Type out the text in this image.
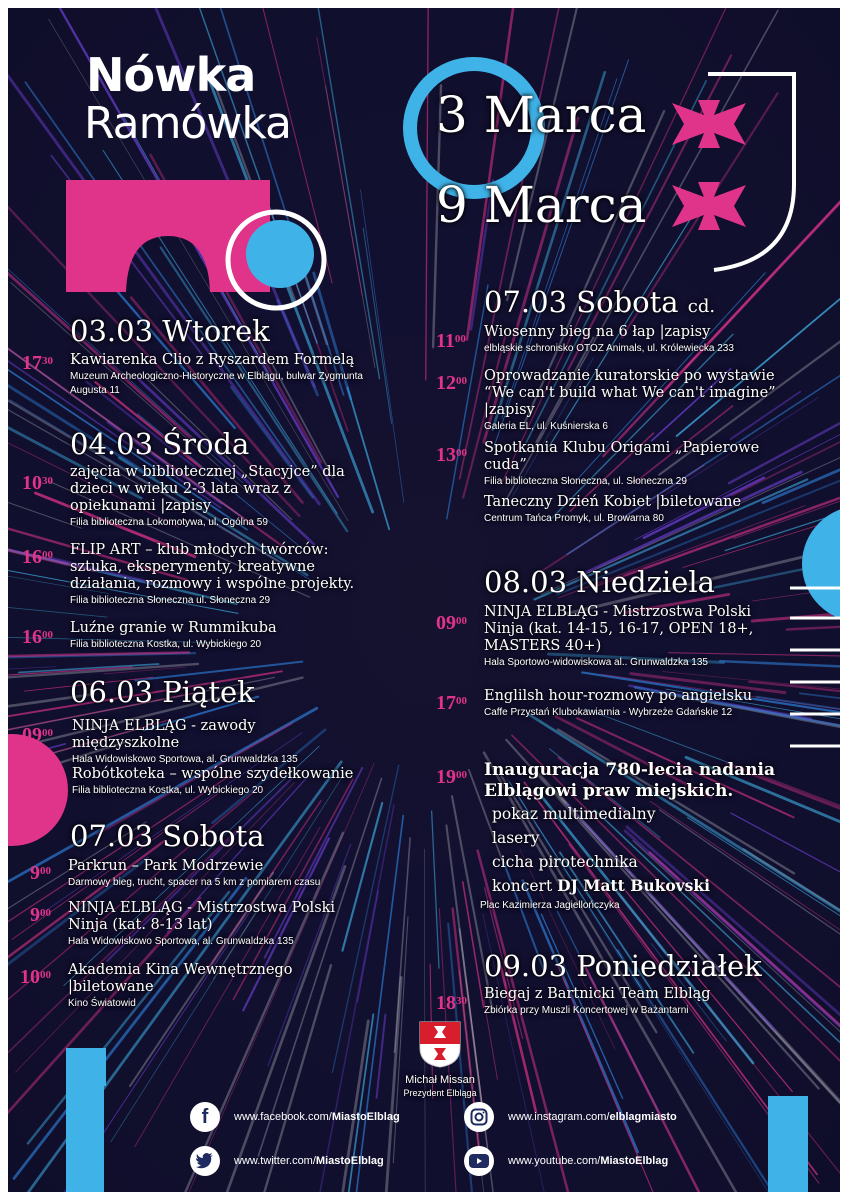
Nówka
Ramówka	3 Marca
9 Marca
03.03 Wtorek
$17^{30}$ Kawiarenka Clio z Ryszardem Formelą
Muzeum Archeologiczno-Historyczne w Elblągu, bulwar Zygmunta Augusta 11
04.03 Środa
$10^{30}$
zajęcia w bibliotecznej „Stacyjce” dla dzieci w wieku 2-3 lata wraz z opiekunami |zapisy
Filia biblioteczna Lokomotywa, ul. Ogólna 59
$16^{00}$ FLIP ART – klub młodych twórców: sztuka, eksperymenty, kreatywne działania, rozmowy i wspólne projekty.
Filia biblioteczna Słoneczna ul. Słoneczna 29
$16^{00}$ Luźne granie w Rummikuba
Filia biblioteczna Kostka, ul. Wybickiego 20
06.03 Piątek
$09^{00}$ NINJA ELBLĄG - zawody międzyszkolne
Hala Widowiskowo Sportowa, al. Grunwaldzka 135
$17^{00}$ Robótkoteka – wspólne szydełkowanie
Filia biblioteczna Kostka, ul. Wybickiego 20
07.03 Sobota
$9^{00}$ Parkrun – Park Modrzewie
Darmowy bieg, trucht, spacer na 5 km z pomiarem czasu
$9^{00}$ NINJA ELBLĄG - Mistrzostwa Polski Ninja (kat. 8-13 lat)
Hala Widowiskowo Sportowa, al. Grunwaldzka 135
$10^{00}$ Akademia Kina Wewnętrznego |biletowane
Kino Światowid
07.03 Sobota cd.
$11^{00}$ Wiosenny bieg na 6 łap |zapisy
elbląskie schronisko OTOZ Animals, ul. Królewiecka 233
$12^{00}$ Oprowadzanie kuratorskie po wystawie “We can't build what We can't imagine” |zapisy
Galeria EL, ul. Kuśnierska 6
$13^{00}$ Spotkania Klubu Origami „Papierowe cuda”
Filia biblioteczna Słoneczna, ul. Słoneczna 29
Taneczny Dzień Kobiet |biletowane
Centrum Tańca Promyk, ul. Browarna 80
08.03 Niedziela
$09^{00}$
NINJA ELBLĄG - Mistrzostwa Polski Ninja (kat. 14-15, 16-17, OPEN 18+, MASTERS 40+)
Hala Sportowo-widowiskowa al.. Grunwaldzka 135
$17^{00}$ Englilsh hour-rozmowy po angielsku
Caffe Przystań Klubokawiarnia - Wybrzeże Gdańskie 12
$19^{00}$ Inauguracja 780-lecia nadania Elblągowi praw miejskich.
pokaz multimedialny
lasery
cicha pirotechnika
koncert DJ Matt Bukovski
Plac Kazimierza Jagiellończyka
09.03 Poniedziałek
$18^{30}$ Biegaj z Bartnicki Team Elbląg
Zbiórka przy Muszli Koncertowej w Bażantarni
Michał Missan
Prezydent Elbląga
f www.facebook.com/MiastoElblag
www.twitter.com/MiastoElblag
www.instagram.com/elblagmiasto
www.youtube.com/MiastoElblag
